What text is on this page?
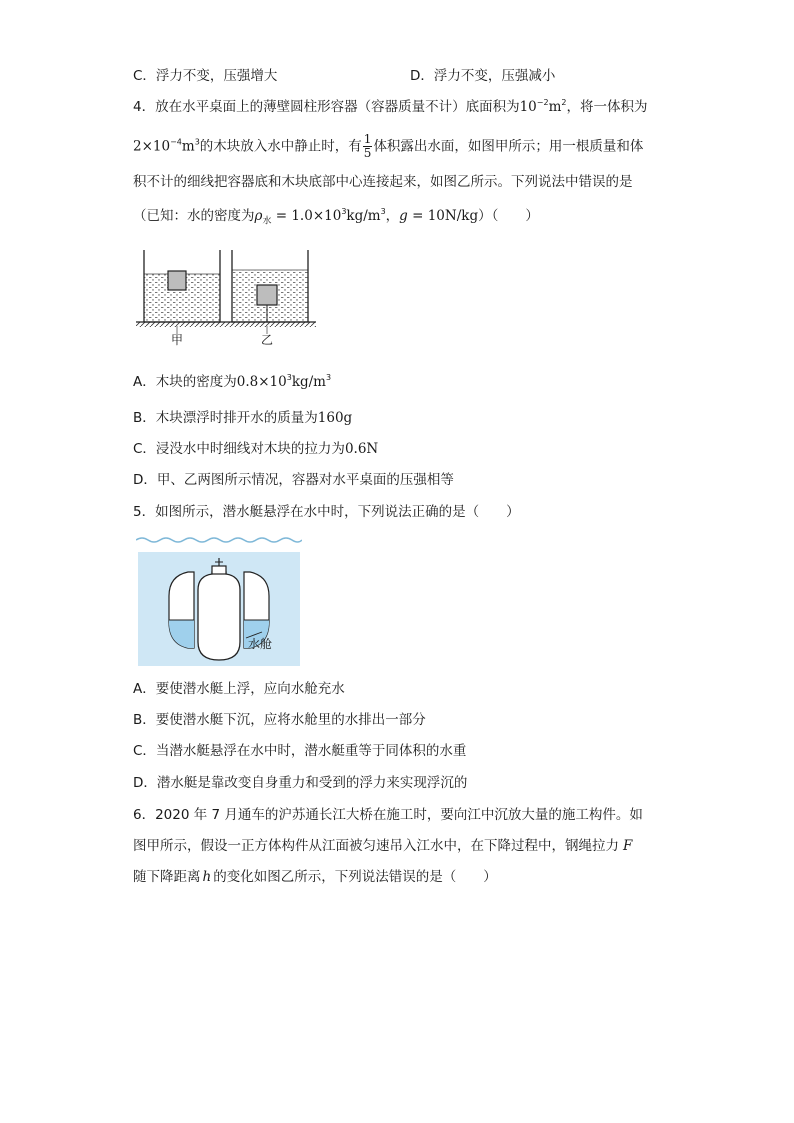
C．浮力不变，压强增大	D．浮力不变，压强减小
4．放在水平桌面上的薄壁圆柱形容器（容器质量不计）底面积为$10^{-2}m^2$，将一体积为
$2\times 10^{-4}m^3$的木块放入水中静止时，有 $\frac{1}{5}$ 体积露出水面，如图甲所示；用一根质量和体
积不计的细线把容器底和木块底部中心连接起来，如图乙所示。下列说法中错误的是
（已知：水的密度为$\rho_水 = 1.0\times 10^3kg/m^3$，g = 10N/kg）（　　）
甲	乙
A．木块的密度为$0.8\times 10^3kg/m^3$
B．木块漂浮时排开水的质量为160g
C．浸没水中时细线对木块的拉力为0.6N
D．甲、乙两图所示情况，容器对水平桌面的压强相等
5．如图所示，潜水艇悬浮在水中时，下列说法正确的是（　　）
水舱
A．要使潜水艇上浮，应向水舱充水
B．要使潜水艇下沉，应将水舱里的水排出一部分
C．当潜水艇悬浮在水中时，潜水艇重等于同体积的水重
D．潜水艇是靠改变自身重力和受到的浮力来实现浮沉的
6．2020 年 7 月通车的沪苏通长江大桥在施工时，要向江中沉放大量的施工构件。如
图甲所示，假设一正方体构件从江面被匀速吊入江水中，在下降过程中，钢绳拉力 F
随下降距离 h 的变化如图乙所示，下列说法错误的是（　　）
